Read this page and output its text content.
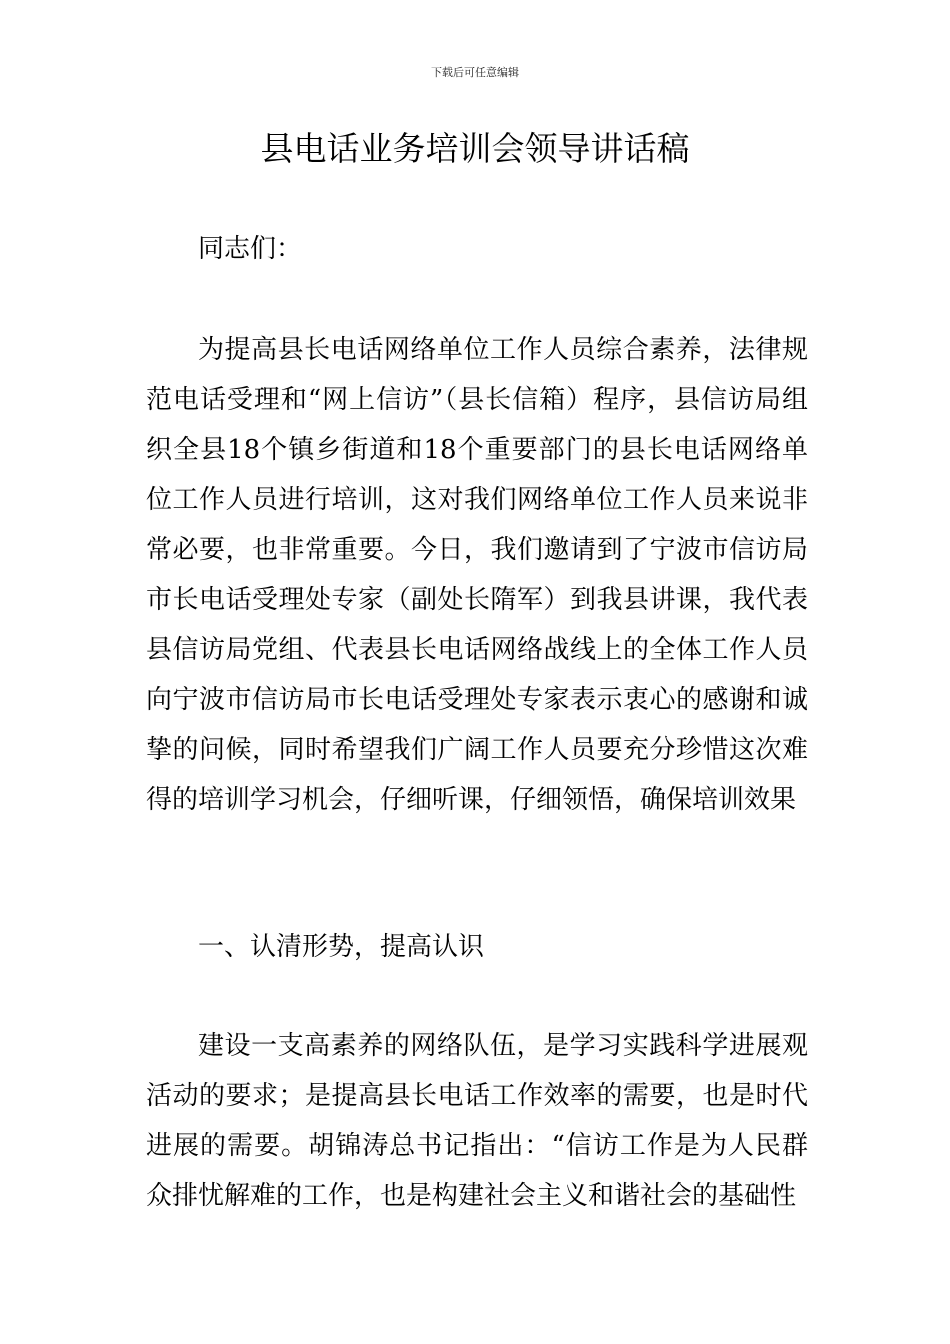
下载后可任意编辑
县电话业务培训会领导讲话稿

同志们：

为提高县长电话网络单位工作人员综合素养，法律规范电话受理和“网上信访”（县长信箱）程序，县信访局组织全县18个镇乡街道和18个重要部门的县长电话网络单位工作人员进行培训，这对我们网络单位工作人员来说非常必要，也非常重要。今日，我们邀请到了宁波市信访局市长电话受理处专家（副处长隋军）到我县讲课，我代表县信访局党组、代表县长电话网络战线上的全体工作人员向宁波市信访局市长电话受理处专家表示衷心的感谢和诚挚的问候，同时希望我们广阔工作人员要充分珍惜这次难得的培训学习机会，仔细听课，仔细领悟，确保培训效果

一、认清形势，提高认识

建设一支高素养的网络队伍，是学习实践科学进展观活动的要求；是提高县长电话工作效率的需要，也是时代进展的需要。胡锦涛总书记指出：“信访工作是为人民群众排忧解难的工作，也是构建社会主义和谐社会的基础性
